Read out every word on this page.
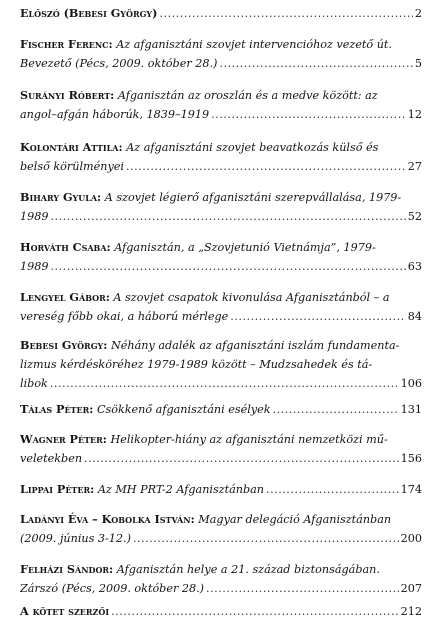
Előszó (Bebesi György) .....	2
Fischer Ferenc:
Az afganisztáni szovjet intervencióhoz vezető út.
Bevezető (Pécs, 2009. október 28.) .....	5
Surányi Róbert:
Afganisztán az oroszlán és a medve között: az
angol–afgán háborúk, 1839–1919 .....	12
Kolontári Attila:
Az afganisztáni szovjet beavatkozás külső és
belső körülményei .....	27
Bihary Gyula:
A szovjet légierő afganisztáni szerepvállalása, 1979-
1989 .....	52
Horváth Csaba:
Afganisztán, a „Szovjetunió Vietnámja”, 1979-
1989 .....	63
Lengyel Gábor:
A szovjet csapatok kivonulása Afganisztánból – a
vereség főbb okai, a háború mérlege .....	84
Bebesi György:
Néhány adalék az afganisztáni iszlám fundamenta-
lizmus kérdésköréhez 1979-1989 között – Mudzsahedek és tá-
libok .....	106
Tálas Péter:
Csökkenő afganisztáni esélyek .....	131
Wagner Péter:
Helikopter-hiány az afganisztáni nemzetközi mű-
veletekben .....	156
Lippai Péter:
Az MH PRT-2 Afganisztánban .....	174
Ladányi Éva – Kobolka István:
Magyar delegáció Afganisztánban
(2009. június 3-12.) .....	200
Felházi Sándor:
Afganisztán helye a 21. század biztonságában.
Zárszó (Pécs, 2009. október 28.) .....	207
A kötet szerzői .....	212
